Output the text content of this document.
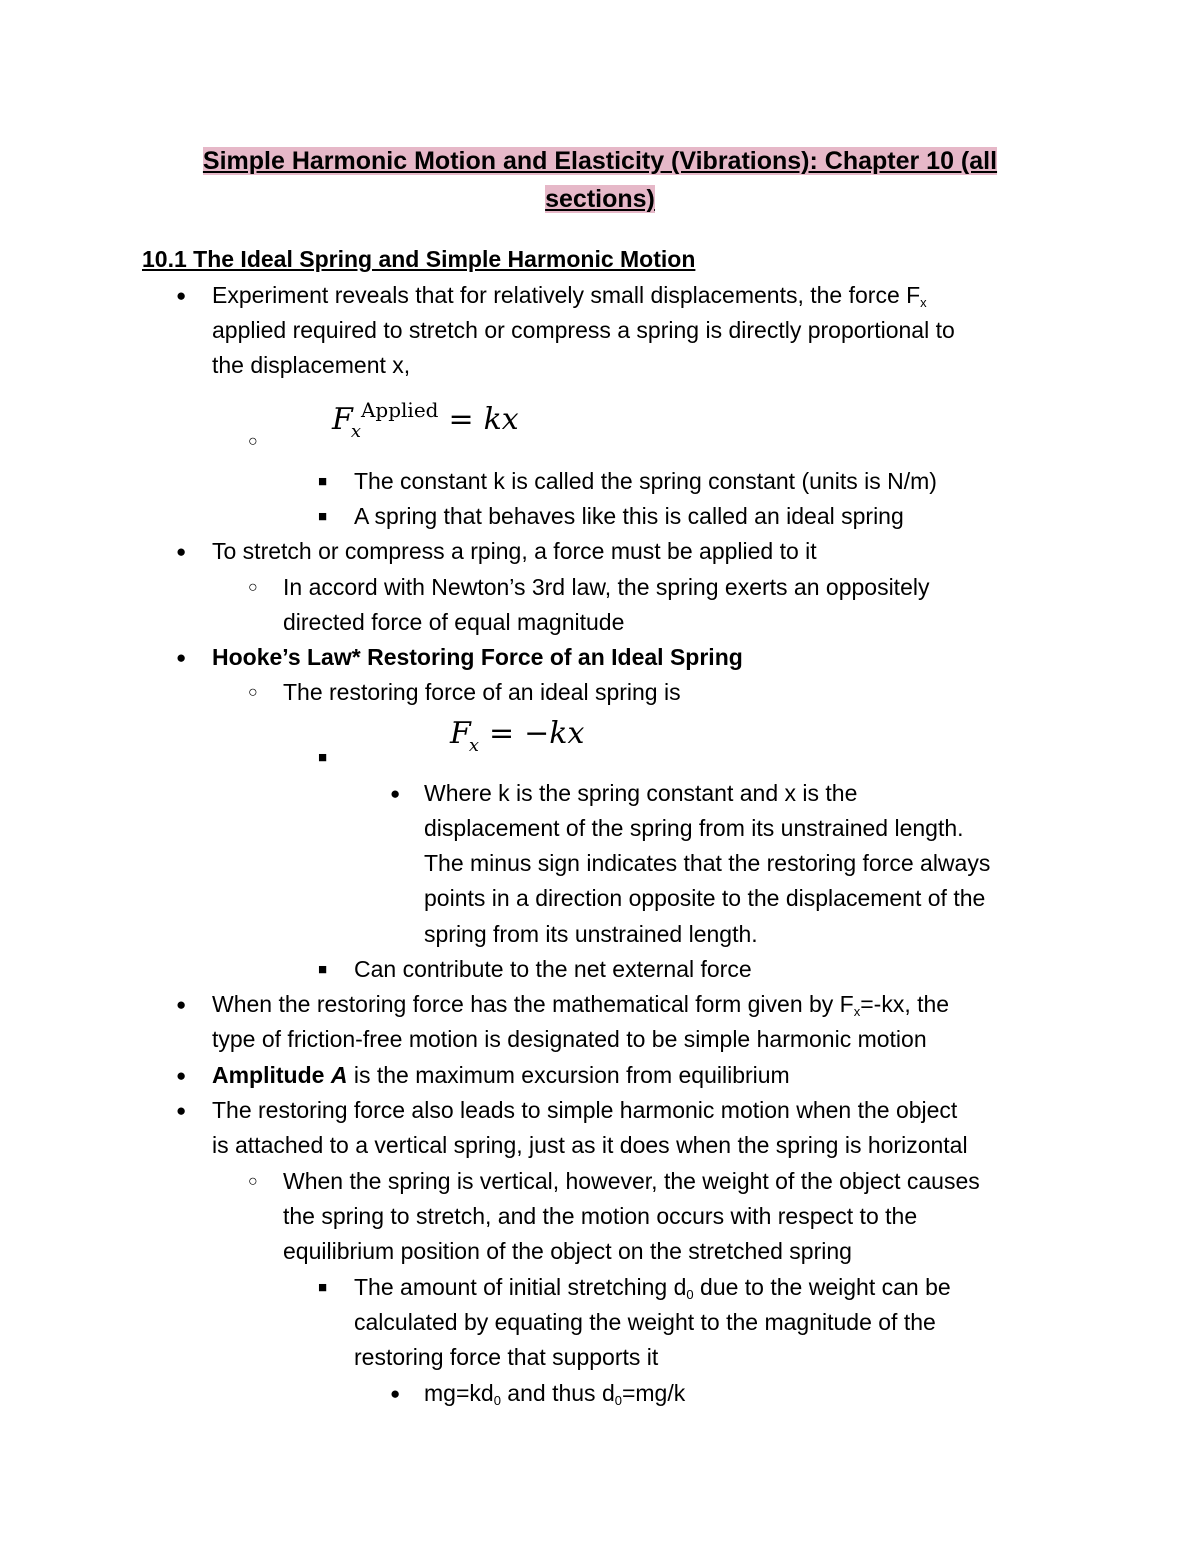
Simple Harmonic Motion and Elasticity (Vibrations): Chapter 10 (all sections)
10.1 The Ideal Spring and Simple Harmonic Motion
● Experiment reveals that for relatively small displacements, the force $F_x$
applied required to stretch or compress a spring is directly proportional to
the displacement x,
○
$F_x^{Applied}$ = kx
■ The constant k is called the spring constant (units is N/m)
■ A spring that behaves like this is called an ideal spring
● To stretch or compress a rping, a force must be applied to it
○ In accord with Newton’s 3rd law, the spring exerts an oppositely
directed force of equal magnitude
● Hooke’s Law* Restoring Force of an Ideal Spring
○ The restoring force of an ideal spring is
■
$F_x = -kx$
● Where k is the spring constant and x is the
displacement of the spring from its unstrained length.
The minus sign indicates that the restoring force always
points in a direction opposite to the displacement of the
spring from its unstrained length.
■ Can contribute to the net external force
● When the restoring force has the mathematical form given by $F_x=-kx$, the
type of friction-free motion is designated to be simple harmonic motion
● Amplitude A is the maximum excursion from equilibrium
● The restoring force also leads to simple harmonic motion when the object
is attached to a vertical spring, just as it does when the spring is horizontal
○ When the spring is vertical, however, the weight of the object causes
the spring to stretch, and the motion occurs with respect to the
equilibrium position of the object on the stretched spring
■ The amount of initial stretching $d_0$ due to the weight can be
calculated by equating the weight to the magnitude of the
restoring force that supports it
● $mg=kd_0$ and thus $d_0=mg/k$
